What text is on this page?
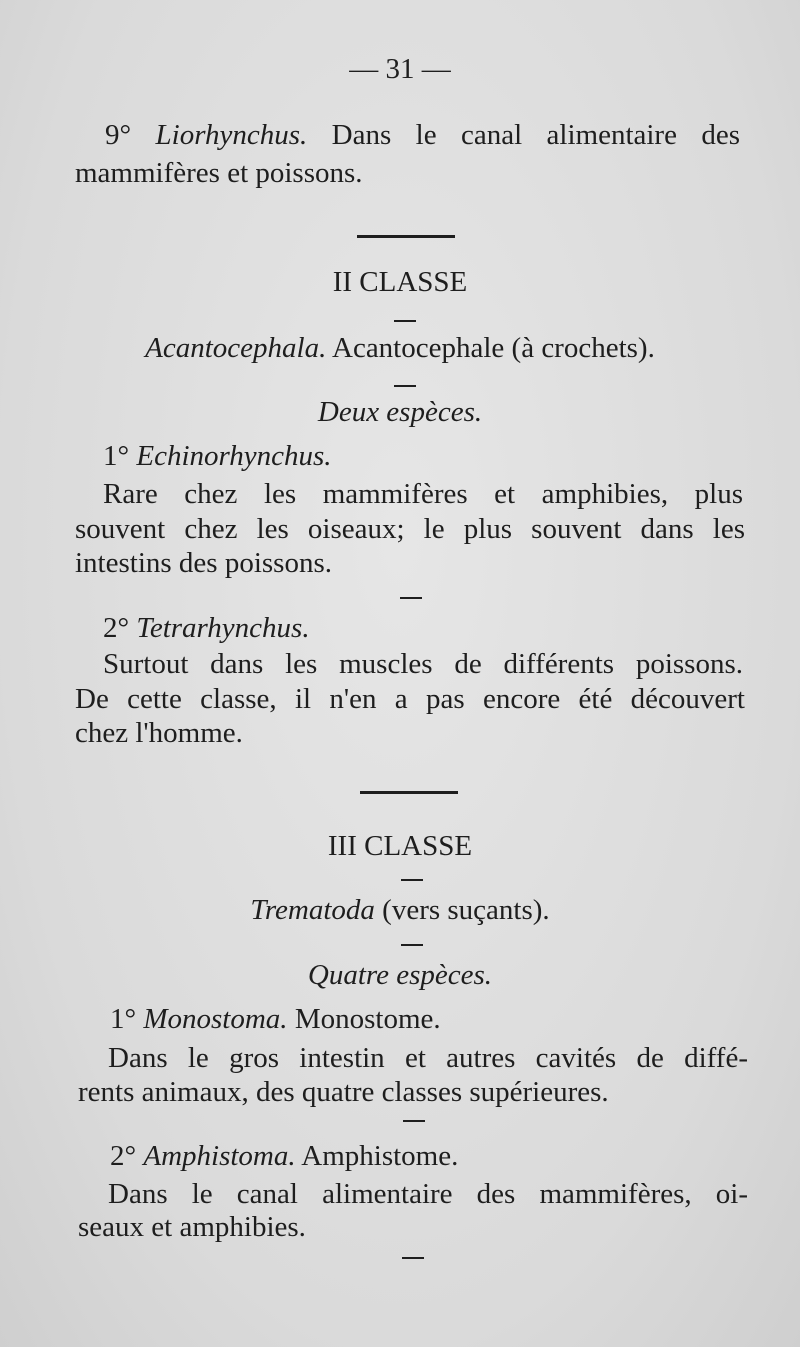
— 31 —
9° Liorhynchus. Dans le canal alimentaire des
mammifères et poissons.
II CLASSE
Acantocephala. Acantocephale (à crochets).
Deux espèces.
1° Echinorhynchus.
Rare chez les mammifères et amphibies, plus
souvent chez les oiseaux; le plus souvent dans les
intestins des poissons.
2° Tetrarhynchus.
Surtout dans les muscles de différents poissons.
De cette classe, il n'en a pas encore été découvert
chez l'homme.
III CLASSE
Trematoda (vers suçants).
Quatre espèces.
1° Monostoma. Monostome.
Dans le gros intestin et autres cavités de diffé-
rents animaux, des quatre classes supérieures.
2° Amphistoma. Amphistome.
Dans le canal alimentaire des mammifères, oi-
seaux et amphibies.
